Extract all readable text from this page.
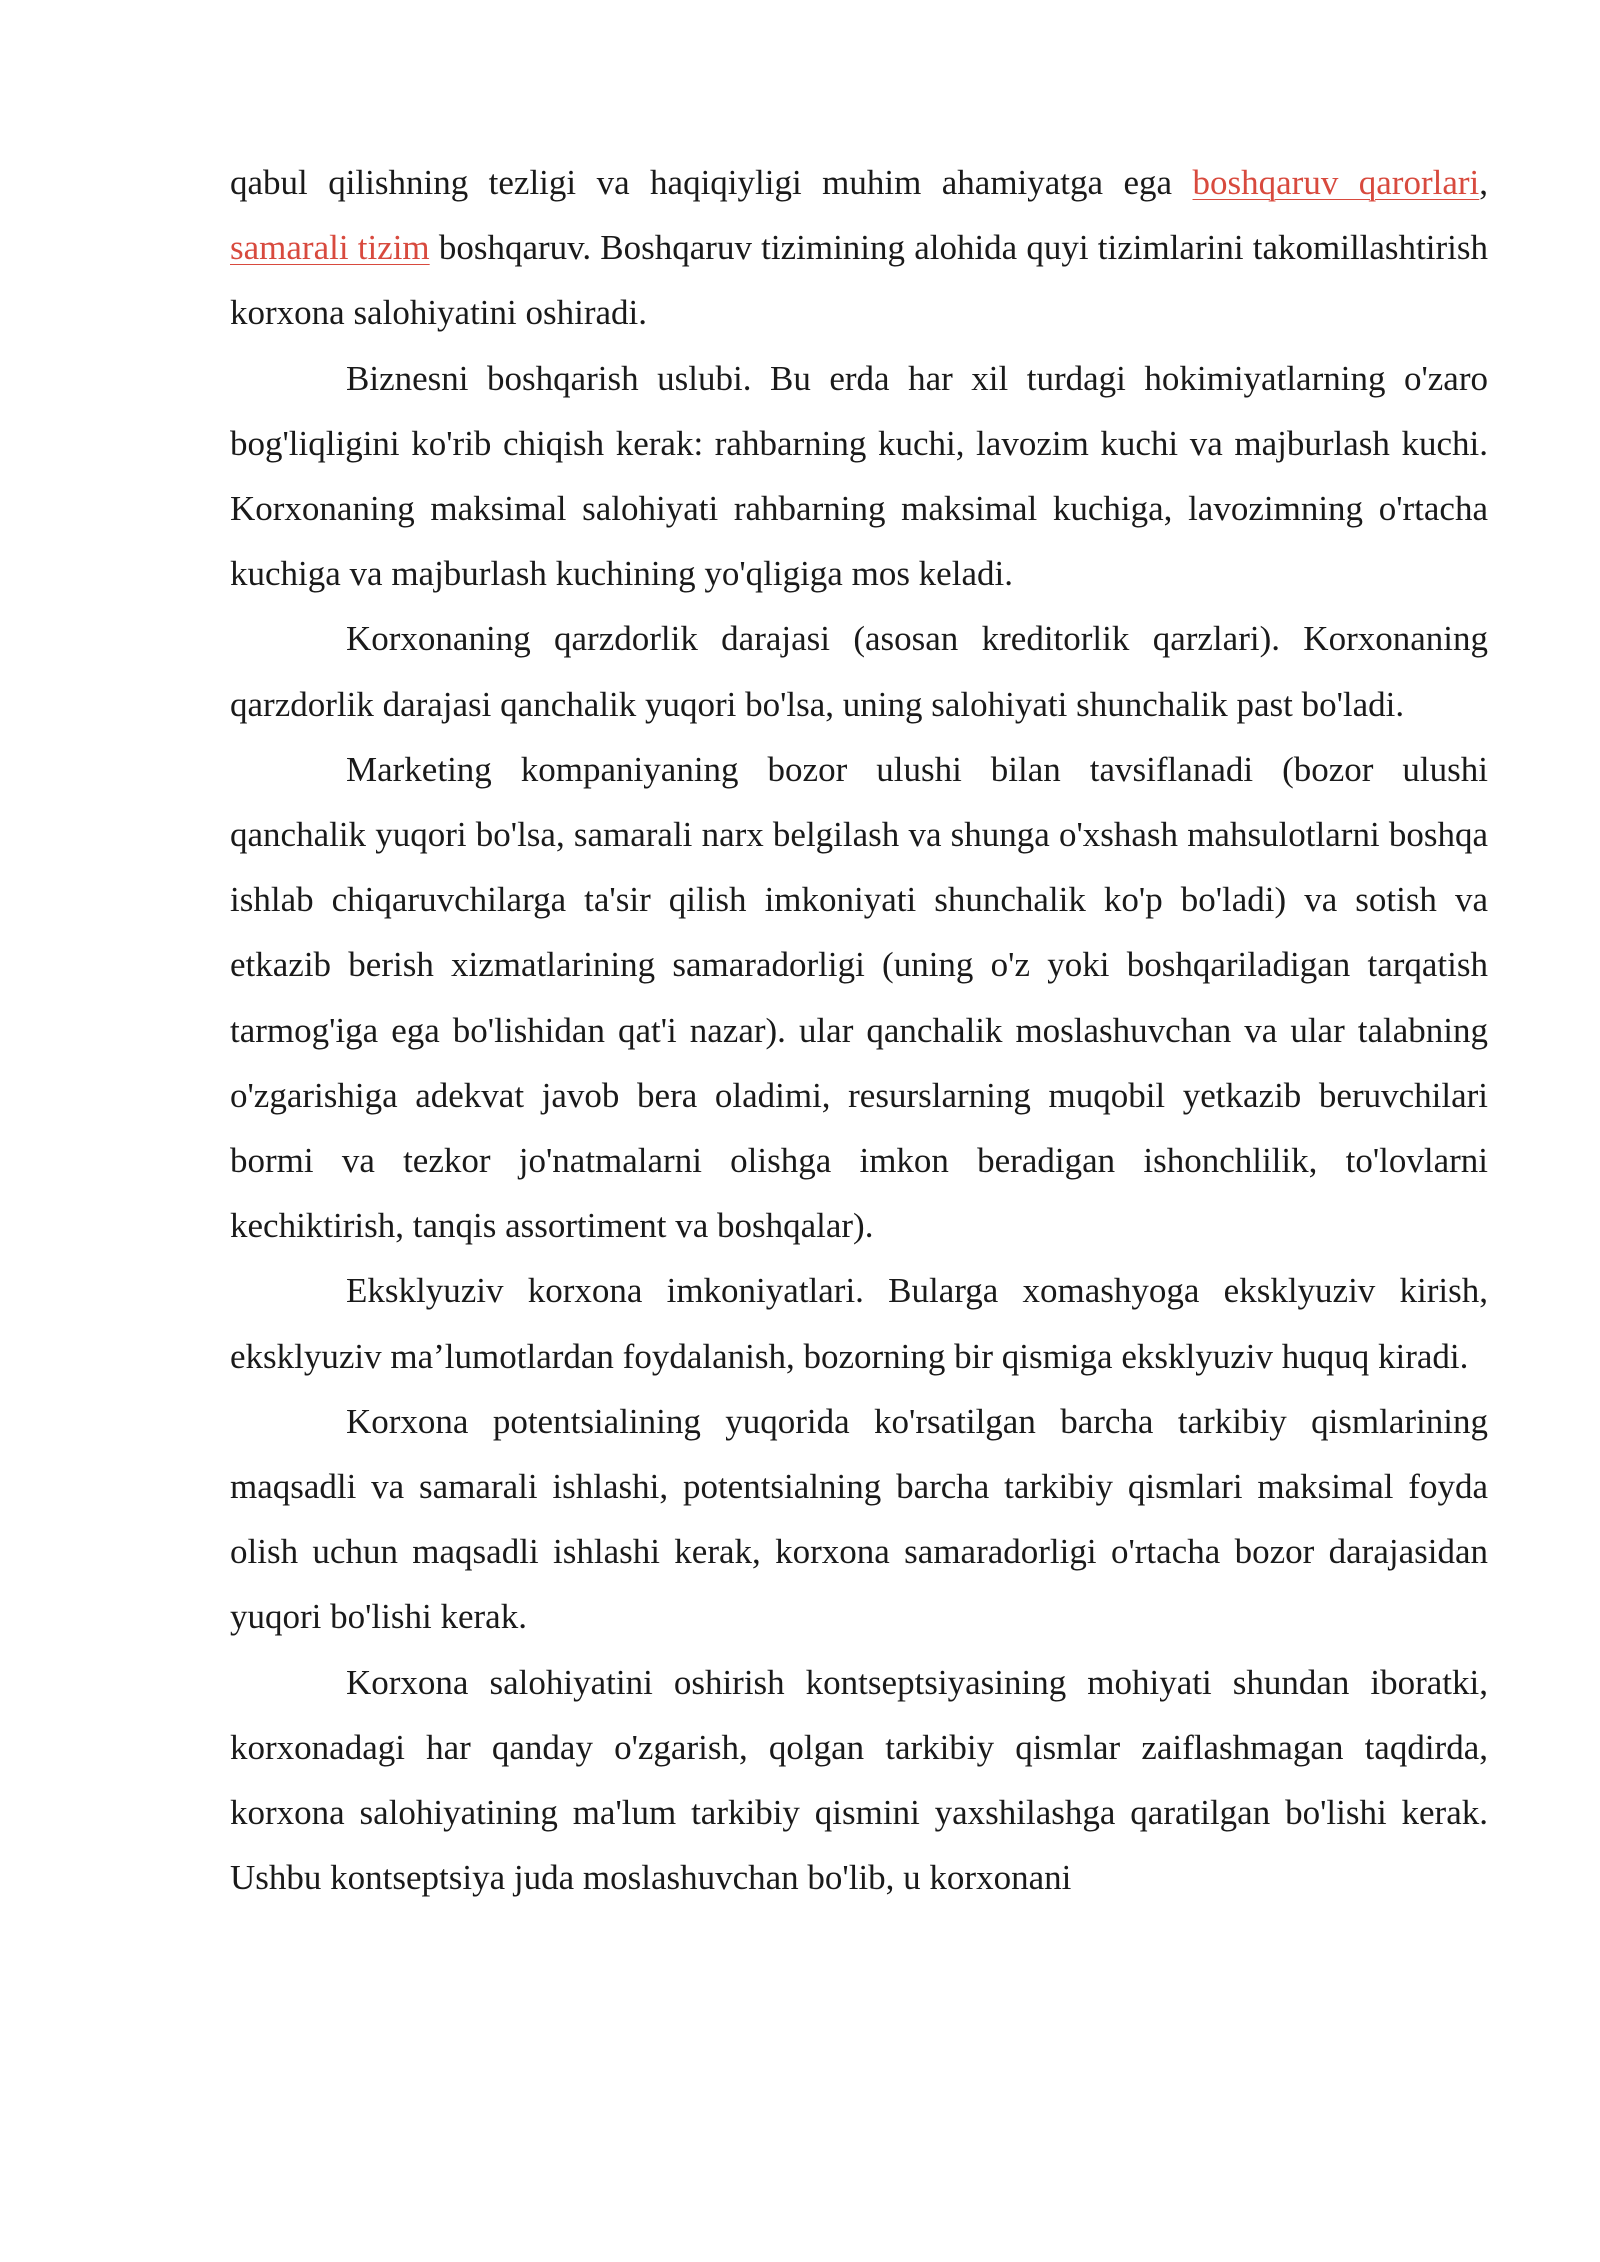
qabul qilishning tezligi va haqiqiyligi muhim ahamiyatga ega boshqaruv qarorlari, samarali tizim boshqaruv. Boshqaruv tizimining alohida quyi tizimlarini takomillashtirish korxona salohiyatini oshiradi.

Biznesni boshqarish uslubi. Bu erda har xil turdagi hokimiyatlarning o'zaro bog'liqligini ko'rib chiqish kerak: rahbarning kuchi, lavozim kuchi va majburlash kuchi. Korxonaning maksimal salohiyati rahbarning maksimal kuchiga, lavozimning o'rtacha kuchiga va majburlash kuchining yo'qligiga mos keladi.

Korxonaning qarzdorlik darajasi (asosan kreditorlik qarzlari). Korxonaning qarzdorlik darajasi qanchalik yuqori bo'lsa, uning salohiyati shunchalik past bo'ladi.

Marketing kompaniyaning bozor ulushi bilan tavsiflanadi (bozor ulushi qanchalik yuqori bo'lsa, samarali narx belgilash va shunga o'xshash mahsulotlarni boshqa ishlab chiqaruvchilarga ta'sir qilish imkoniyati shunchalik ko'p bo'ladi) va sotish va etkazib berish xizmatlarining samaradorligi (uning o'z yoki boshqariladigan tarqatish tarmog'iga ega bo'lishidan qat'i nazar). ular qanchalik moslashuvchan va ular talabning o'zgarishiga adekvat javob bera oladimi, resurslarning muqobil yetkazib beruvchilari bormi va tezkor jo'natmalarni olishga imkon beradigan ishonchlilik, to'lovlarni kechiktirish, tanqis assortiment va boshqalar).

Eksklyuziv korxona imkoniyatlari. Bularga xomashyoga eksklyuziv kirish, eksklyuziv ma’lumotlardan foydalanish, bozorning bir qismiga eksklyuziv huquq kiradi.

Korxona potentsialining yuqorida ko'rsatilgan barcha tarkibiy qismlarining maqsadli va samarali ishlashi, potentsialning barcha tarkibiy qismlari maksimal foyda olish uchun maqsadli ishlashi kerak, korxona samaradorligi o'rtacha bozor darajasidan yuqori bo'lishi kerak.

Korxona salohiyatini oshirish kontseptsiyasining mohiyati shundan iboratki, korxonadagi har qanday o'zgarish, qolgan tarkibiy qismlar zaiflashmagan taqdirda, korxona salohiyatining ma'lum tarkibiy qismini yaxshilashga qaratilgan bo'lishi kerak. Ushbu kontseptsiya juda moslashuvchan bo'lib, u korxonani
